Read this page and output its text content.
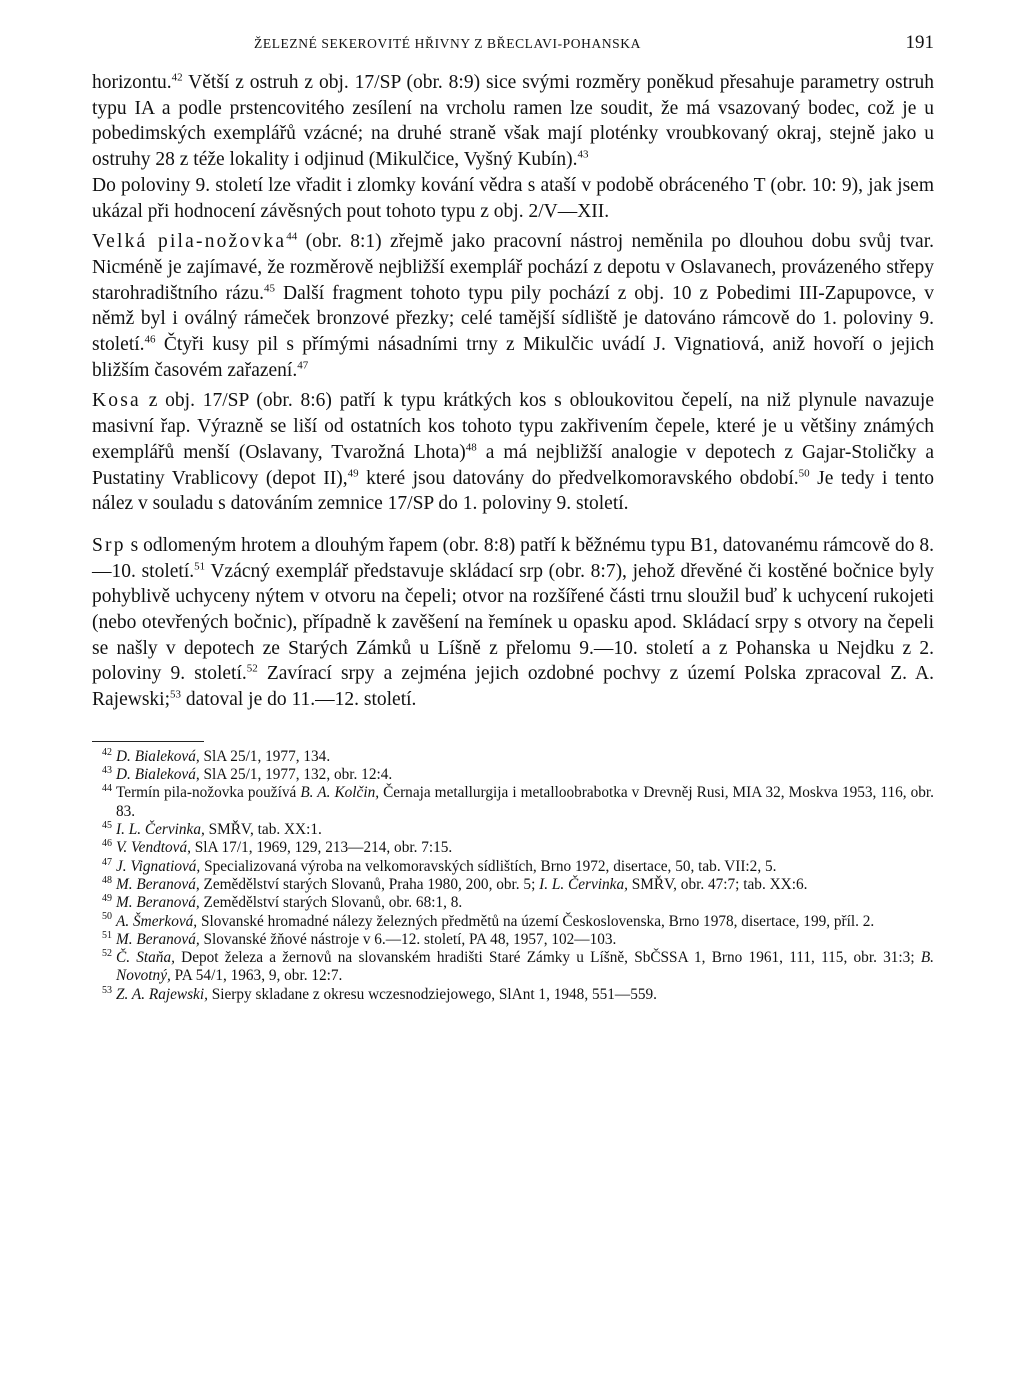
ŽELEZNÉ SEKEROVITÉ HŘIVNY Z BŘECLAVI-POHANSKA	191

horizontu.$^{42}$ Větší z ostruh z obj. 17/SP (obr. 8:9) sice svými rozměry poněkud přesahuje parametry ostruh typu IA a podle prstencovitého zesílení na vrcholu ramen lze soudit, že má vsazovaný bodec, což je u pobedimských exemplářů vzácné; na druhé straně však mají ploténky vroubkovaný okraj, stejně jako u ostruhy 28 z téže lokality i odjinud (Mikulčice, Vyšný Kubín).$^{43}$

Do poloviny 9. století lze vřadit i zlomky kování vědra s ataší v podobě obráceného T (obr. 10: 9), jak jsem ukázal při hodnocení závěsných pout tohoto typu z obj. 2/V—XII.

Velká pila-nožovka$^{44}$ (obr. 8:1) zřejmě jako pracovní nástroj neměnila po dlouhou dobu svůj tvar. Nicméně je zajímavé, že rozměrově nejbližší exemplář pochází z depotu v Oslavanech, provázeného střepy starohradištního rázu.$^{45}$ Další fragment tohoto typu pily pochází z obj. 10 z Pobedimi III-Zapupovce, v němž byl i oválný rámeček bronzové přezky; celé tamější sídliště je datováno rámcově do 1. poloviny 9. století.$^{46}$ Čtyři kusy pil s přímými násadními trny z Mikulčic uvádí J. Vignatiová, aniž hovoří o jejich bližším časovém zařazení.$^{47}$

Kosa z obj. 17/SP (obr. 8:6) patří k typu krátkých kos s obloukovitou čepelí, na niž plynule navazuje masivní řap. Výrazně se liší od ostatních kos tohoto typu zakřivením čepele, které je u většiny známých exemplářů menší (Oslavany, Tvarožná Lhota)$^{48}$ a má nejbližší analogie v depotech z Gajar-Stoličky a Pustatiny Vrablicovy (depot II),$^{49}$ které jsou datovány do předvelkomoravského období.$^{50}$ Je tedy i tento nález v souladu s datováním zemnice 17/SP do 1. poloviny 9. století.

Srp s odlomeným hrotem a dlouhým řapem (obr. 8:8) patří k běžnému typu B1, datovanému rámcově do 8.—10. století.$^{51}$ Vzácný exemplář představuje skládací srp (obr. 8:7), jehož dřevěné či kostěné bočnice byly pohyblivě uchyceny nýtem v otvoru na čepeli; otvor na rozšířené části trnu sloužil buď k uchycení rukojeti (nebo otevřených bočnic), případně k zavěšení na řemínek u opasku apod. Skládací srpy s otvory na čepeli se našly v depotech ze Starých Zámků u Líšně z přelomu 9.—10. století a z Pohanska u Nejdku z 2. poloviny 9. století.$^{52}$ Zavírací srpy a zejména jejich ozdobné pochvy z území Polska zpracoval Z. A. Rajewski;$^{53}$ datoval je do 11.—12. století.

42 D. Bialeková, SlA 25/1, 1977, 134.

43 D. Bialeková, SlA 25/1, 1977, 132, obr. 12:4.

44 Termín pila-nožovka používá B. A. Kolčin, Černaja metallurgija i metalloobrabotka v Drevněj Rusi, MIA 32, Moskva 1953, 116, obr. 83.

45 I. L. Červinka, SMŘV, tab. XX:1.

46 V. Vendtová, SlA 17/1, 1969, 129, 213—214, obr. 7:15.

47 J. Vignatiová, Specializovaná výroba na velkomoravských sídlištích, Brno 1972, disertace, 50, tab. VII:2, 5.

48 M. Beranová, Zemědělství starých Slovanů, Praha 1980, 200, obr. 5; I. L. Červinka, SMŘV, obr. 47:7; tab. XX:6.

49 M. Beranová, Zemědělství starých Slovanů, obr. 68:1, 8.

50 A. Šmerková, Slovanské hromadné nálezy železných předmětů na území Československa, Brno 1978, disertace, 199, příl. 2.

51 M. Beranová, Slovanské žňové nástroje v 6.—12. století, PA 48, 1957, 102—103.

52 Č. Staňa, Depot železa a žernovů na slovanském hradišti Staré Zámky u Líšně, SbČSSA 1, Brno 1961, 111, 115, obr. 31:3; B. Novotný, PA 54/1, 1963, 9, obr. 12:7.

53 Z. A. Rajewski, Sierpy skladane z okresu wczesnodziejowego, SlAnt 1, 1948, 551—559.
